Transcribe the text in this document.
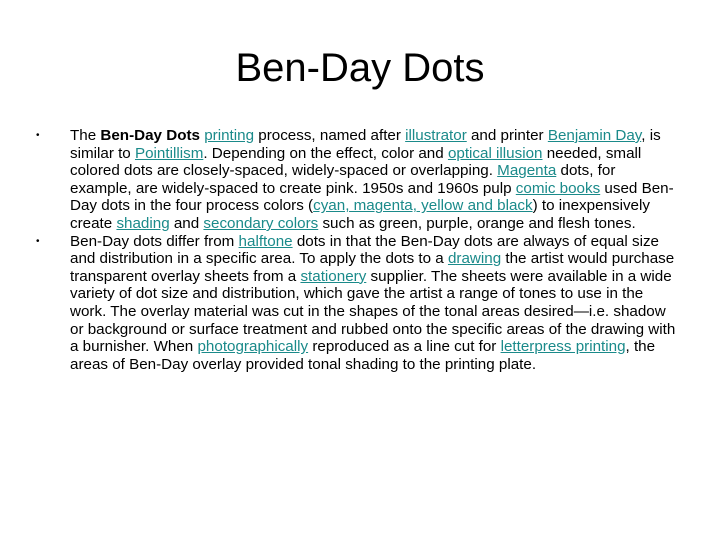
Ben-Day Dots
• The Ben-Day Dots printing process, named after illustrator and printer Benjamin Day, is similar to Pointillism. Depending on the effect, color and optical illusion needed, small colored dots are closely-spaced, widely-spaced or overlapping. Magenta dots, for example, are widely-spaced to create pink. 1950s and 1960s pulp comic books used Ben-Day dots in the four process colors (cyan, magenta, yellow and black) to inexpensively create shading and secondary colors such as green, purple, orange and flesh tones.
• Ben-Day dots differ from halftone dots in that the Ben-Day dots are always of equal size and distribution in a specific area. To apply the dots to a drawing the artist would purchase transparent overlay sheets from a stationery supplier. The sheets were available in a wide variety of dot size and distribution, which gave the artist a range of tones to use in the work. The overlay material was cut in the shapes of the tonal areas desired—i.e. shadow or background or surface treatment and rubbed onto the specific areas of the drawing with a burnisher. When photographically reproduced as a line cut for letterpress printing, the areas of Ben-Day overlay provided tonal shading to the printing plate.
